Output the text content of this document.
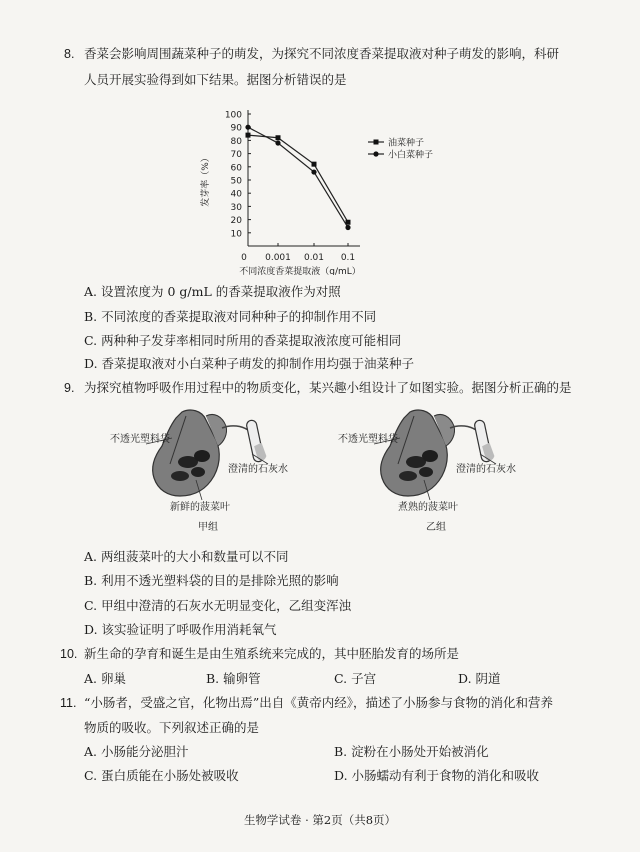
8. 香菜会影响周围蔬菜种子的萌发，为探究不同浓度香菜提取液对种子萌发的影响，科研
人员开展实验得到如下结果。据图分析错误的是
10
20
30
40
50
60
70
80
90
100
0 0.001 0.01 0.1
发芽率（%）
不同浓度香菜提取液（g/mL）
油菜种子
小白菜种子
A. 设置浓度为 0 g/mL 的香菜提取液作为对照
B. 不同浓度的香菜提取液对同种种子的抑制作用不同
C. 两种种子发芽率相同时所用的香菜提取液浓度可能相同
D. 香菜提取液对小白菜种子萌发的抑制作用均强于油菜种子
9. 为探究植物呼吸作用过程中的物质变化，某兴趣小组设计了如图实验。据图分析正确的是
不透光塑料袋
澄清的石灰水
新鲜的菠菜叶
甲组
不透光塑料袋
澄清的石灰水
煮熟的菠菜叶
乙组
A. 两组菠菜叶的大小和数量可以不同
B. 利用不透光塑料袋的目的是排除光照的影响
C. 甲组中澄清的石灰水无明显变化，乙组变浑浊
D. 该实验证明了呼吸作用消耗氧气
10. 新生命的孕育和诞生是由生殖系统来完成的，其中胚胎发育的场所是
A. 卵巢	B. 输卵管	C. 子宫	D. 阴道
11. “小肠者，受盛之官，化物出焉”出自《黄帝内经》，描述了小肠参与食物的消化和营养
物质的吸收。下列叙述正确的是
A. 小肠能分泌胆汁	B. 淀粉在小肠处开始被消化
C. 蛋白质能在小肠处被吸收	D. 小肠蠕动有利于食物的消化和吸收
生物学试卷 · 第2页（共8页）
